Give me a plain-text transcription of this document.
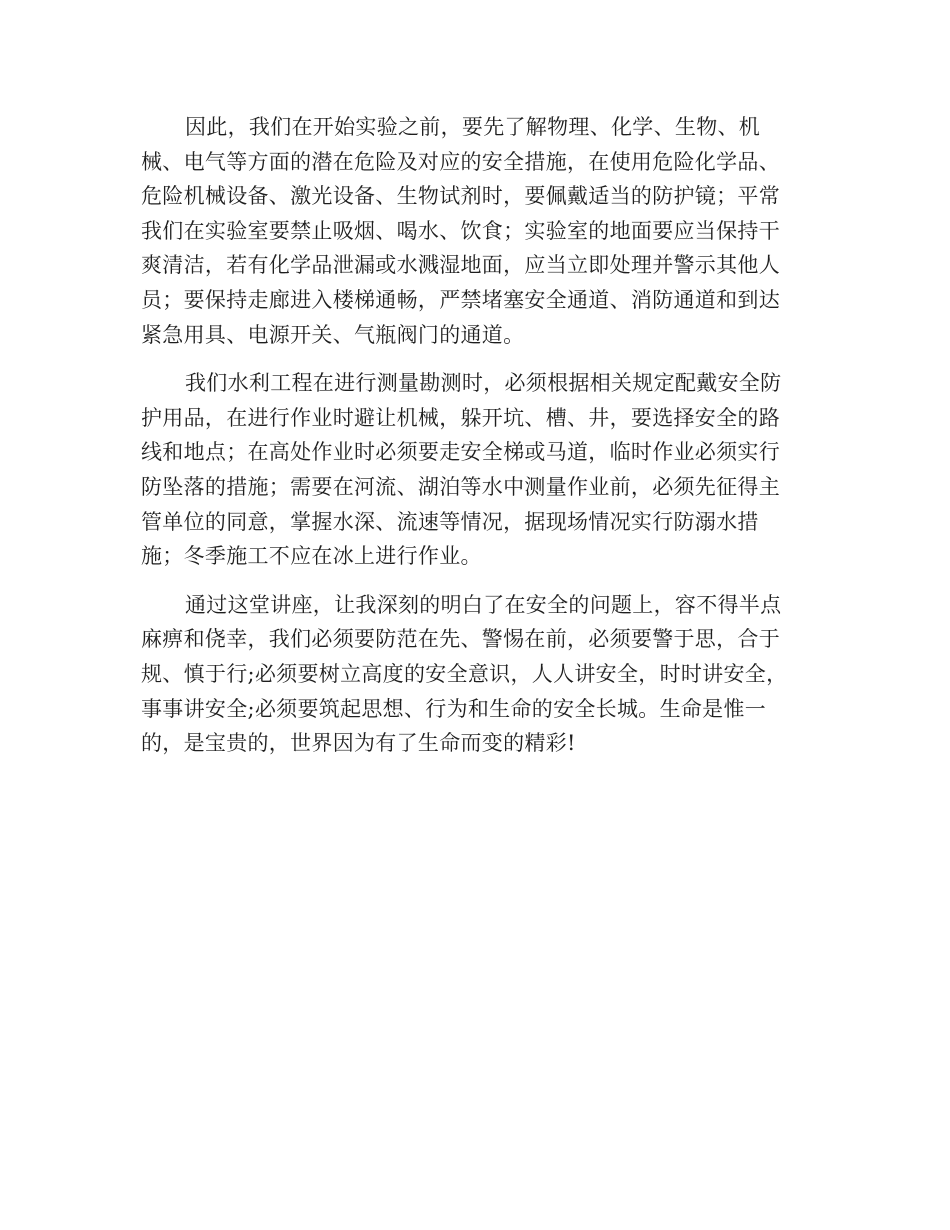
因此，我们在开始实验之前，要先了解物理、化学、生物、机
械、电气等方面的潜在危险及对应的安全措施，在使用危险化学品、
危险机械设备、激光设备、生物试剂时，要佩戴适当的防护镜；平常
我们在实验室要禁止吸烟、喝水、饮食；实验室的地面要应当保持干
爽清洁，若有化学品泄漏或水溅湿地面，应当立即处理并警示其他人
员；要保持走廊进入楼梯通畅，严禁堵塞安全通道、消防通道和到达
紧急用具、电源开关、气瓶阀门的通道。

我们水利工程在进行测量勘测时，必须根据相关规定配戴安全防
护用品，在进行作业时避让机械，躲开坑、槽、井，要选择安全的路
线和地点；在高处作业时必须要走安全梯或马道，临时作业必须实行
防坠落的措施；需要在河流、湖泊等水中测量作业前，必须先征得主
管单位的同意，掌握水深、流速等情况，据现场情况实行防溺水措
施；冬季施工不应在冰上进行作业。

通过这堂讲座，让我深刻的明白了在安全的问题上，容不得半点
麻痹和侥幸，我们必须要防范在先、警惕在前，必须要警于思，合于
规、慎于行;必须要树立高度的安全意识，人人讲安全，时时讲安全，
事事讲安全;必须要筑起思想、行为和生命的安全长城。生命是惟一
的，是宝贵的，世界因为有了生命而变的精彩!
